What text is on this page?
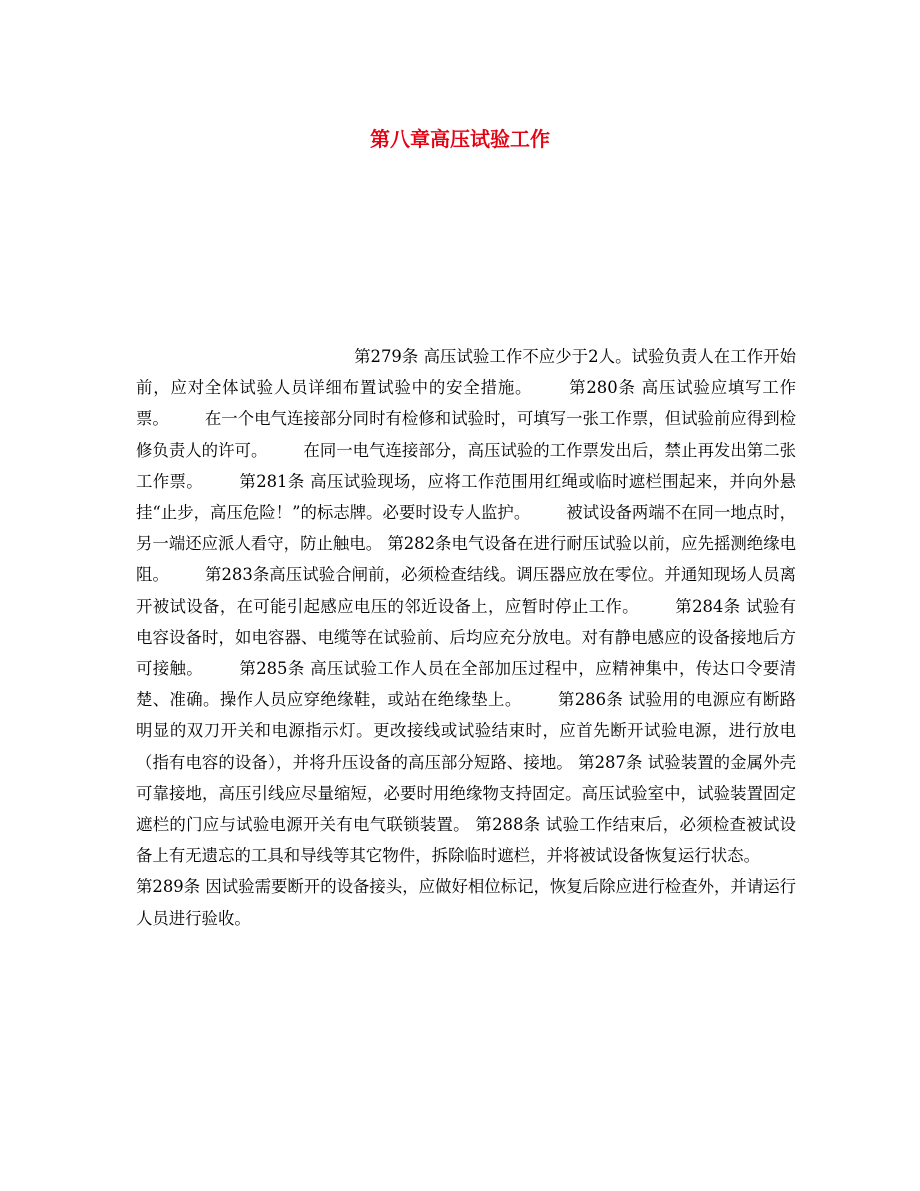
第八章高压试验工作

第279条 高压试验工作不应少于2人。试验负责人在工作开始前，应对全体试验人员详细布置试验中的安全措施。 第280条 高压试验应填写工作票。 在一个电气连接部分同时有检修和试验时，可填写一张工作票，但试验前应得到检修负责人的许可。 在同一电气连接部分，高压试验的工作票发出后，禁止再发出第二张工作票。 第281条 高压试验现场，应将工作范围用红绳或临时遮栏围起来，并向外悬挂“止步，高压危险！”的标志牌。必要时设专人监护。 被试设备两端不在同一地点时，另一端还应派人看守，防止触电。 第282条电气设备在进行耐压试验以前，应先摇测绝缘电阻。 第283条高压试验合闸前，必须检查结线。调压器应放在零位。并通知现场人员离开被试设备，在可能引起感应电压的邻近设备上，应暂时停止工作。 第284条 试验有电容设备时，如电容器、电缆等在试验前、后均应充分放电。对有静电感应的设备接地后方可接触。 第285条 高压试验工作人员在全部加压过程中，应精神集中，传达口令要清楚、准确。操作人员应穿绝缘鞋，或站在绝缘垫上。 第286条 试验用的电源应有断路明显的双刀开关和电源指示灯。更改接线或试验结束时，应首先断开试验电源，进行放电（指有电容的设备），并将升压设备的高压部分短路、接地。 第287条 试验装置的金属外壳可靠接地，高压引线应尽量缩短，必要时用绝缘物支持固定。高压试验室中，试验装置固定遮栏的门应与试验电源开关有电气联锁装置。 第288条 试验工作结束后，必须检查被试设备上有无遗忘的工具和导线等其它物件，拆除临时遮栏，并将被试设备恢复运行状态。第289条 因试验需要断开的设备接头，应做好相位标记，恢复后除应进行检查外，并请运行人员进行验收。
